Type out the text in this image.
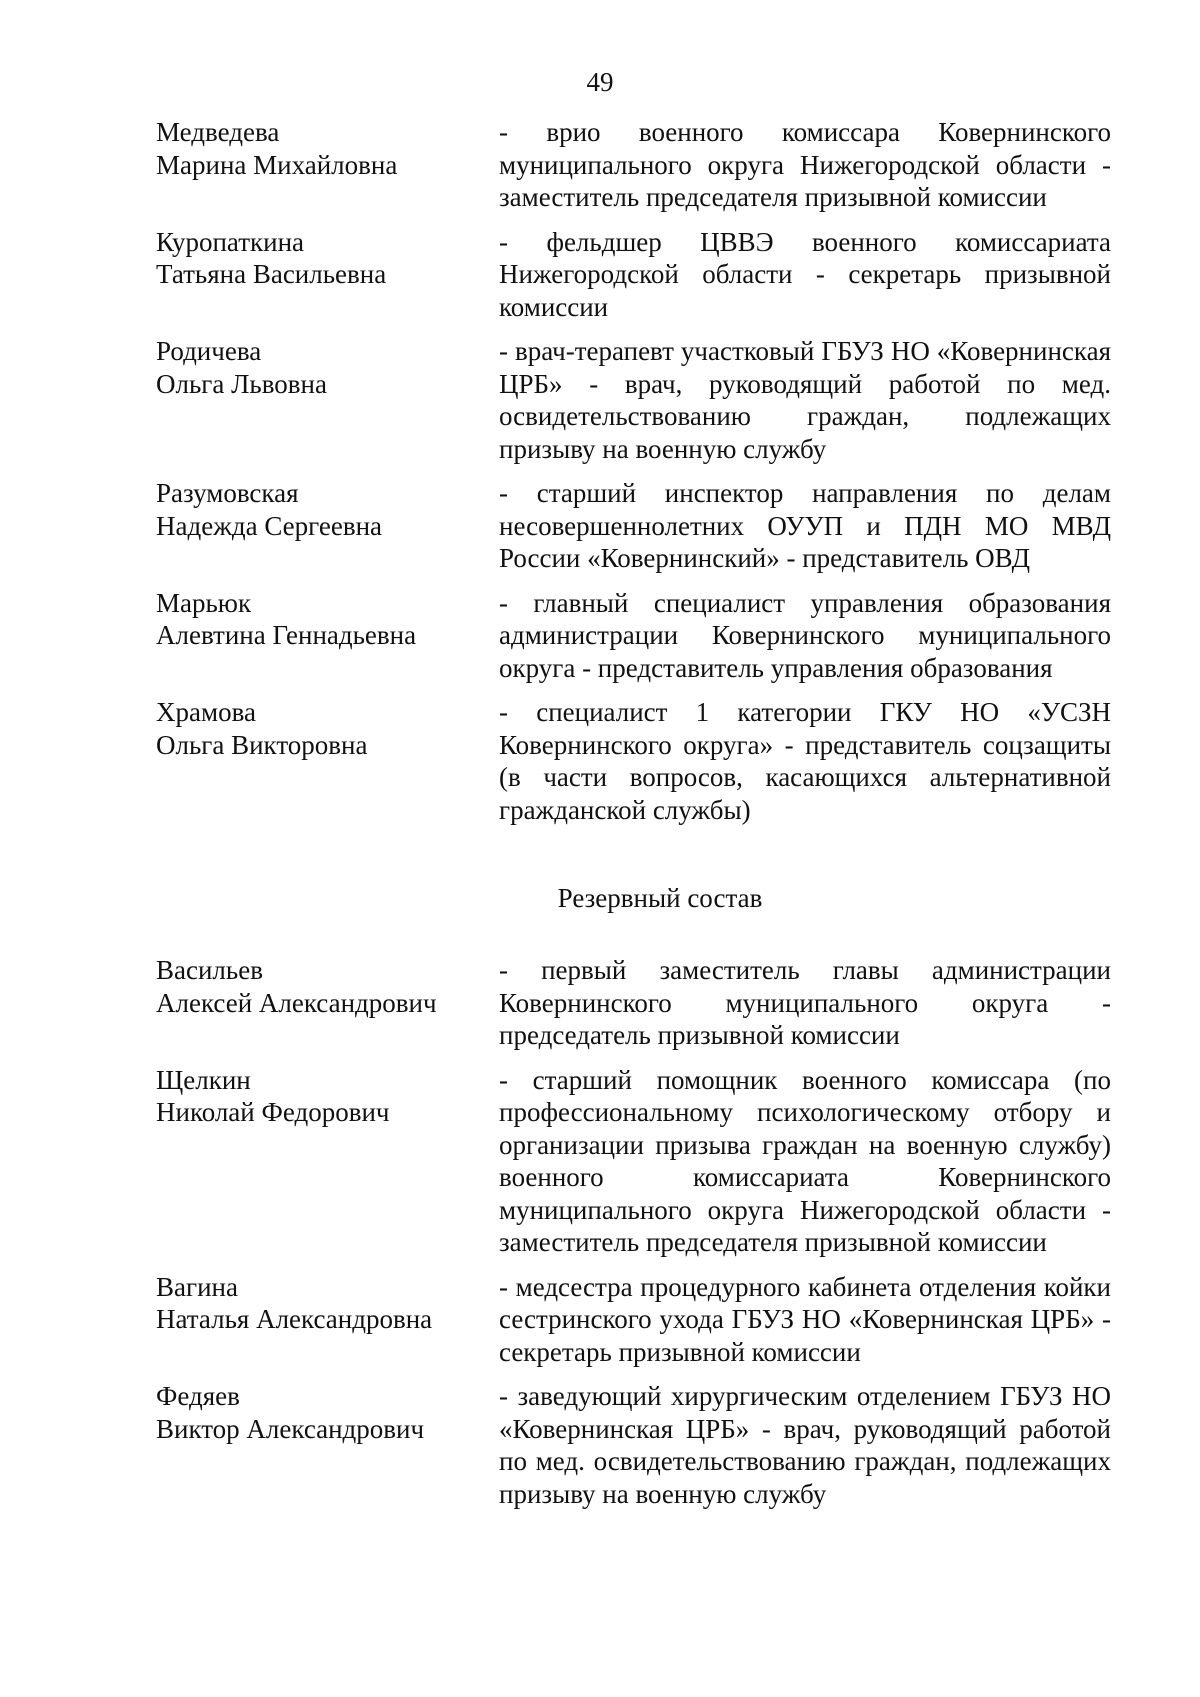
49
Медведева
Марина Михайловна
- врио военного комиссара Ковернинского муниципального округа Нижегородской области - заместитель председателя призывной комиссии
Куропаткина
Татьяна Васильевна
- фельдшер ЦВВЭ военного комиссариата Нижегородской области - секретарь призывной комиссии
Родичева
Ольга Львовна
- врач-терапевт участковый ГБУЗ НО «Ковернинская ЦРБ» - врач, руководящий работой по мед. освидетельствованию граждан, подлежащих призыву на военную службу
Разумовская
Надежда Сергеевна
- старший инспектор направления по делам несовершеннолетних ОУУП и ПДН МО МВД России «Ковернинский» - представитель ОВД
Марьюк
Алевтина Геннадьевна
- главный специалист управления образования администрации Ковернинского муниципального округа - представитель управления образования
Храмова
Ольга Викторовна
- специалист 1 категории ГКУ НО «УСЗН Ковернинского округа» - представитель соцзащиты (в части вопросов, касающихся альтернативной гражданской службы)
Резервный состав
Васильев
Алексей Александрович
- первый заместитель главы администрации Ковернинского муниципального округа - председатель призывной комиссии
Щелкин
Николай Федорович
- старший помощник военного комиссара (по профессиональному психологическому отбору и организации призыва граждан на военную службу) военного комиссариата Ковернинского муниципального округа Нижегородской области - заместитель председателя призывной комиссии
Вагина
Наталья Александровна
- медсестра процедурного кабинета отделения койки сестринского ухода ГБУЗ НО «Ковернинская ЦРБ» - секретарь призывной комиссии
Федяев
Виктор Александрович
- заведующий хирургическим отделением ГБУЗ НО «Ковернинская ЦРБ» - врач, руководящий работой по мед. освидетельствованию граждан, подлежащих призыву на военную службу
